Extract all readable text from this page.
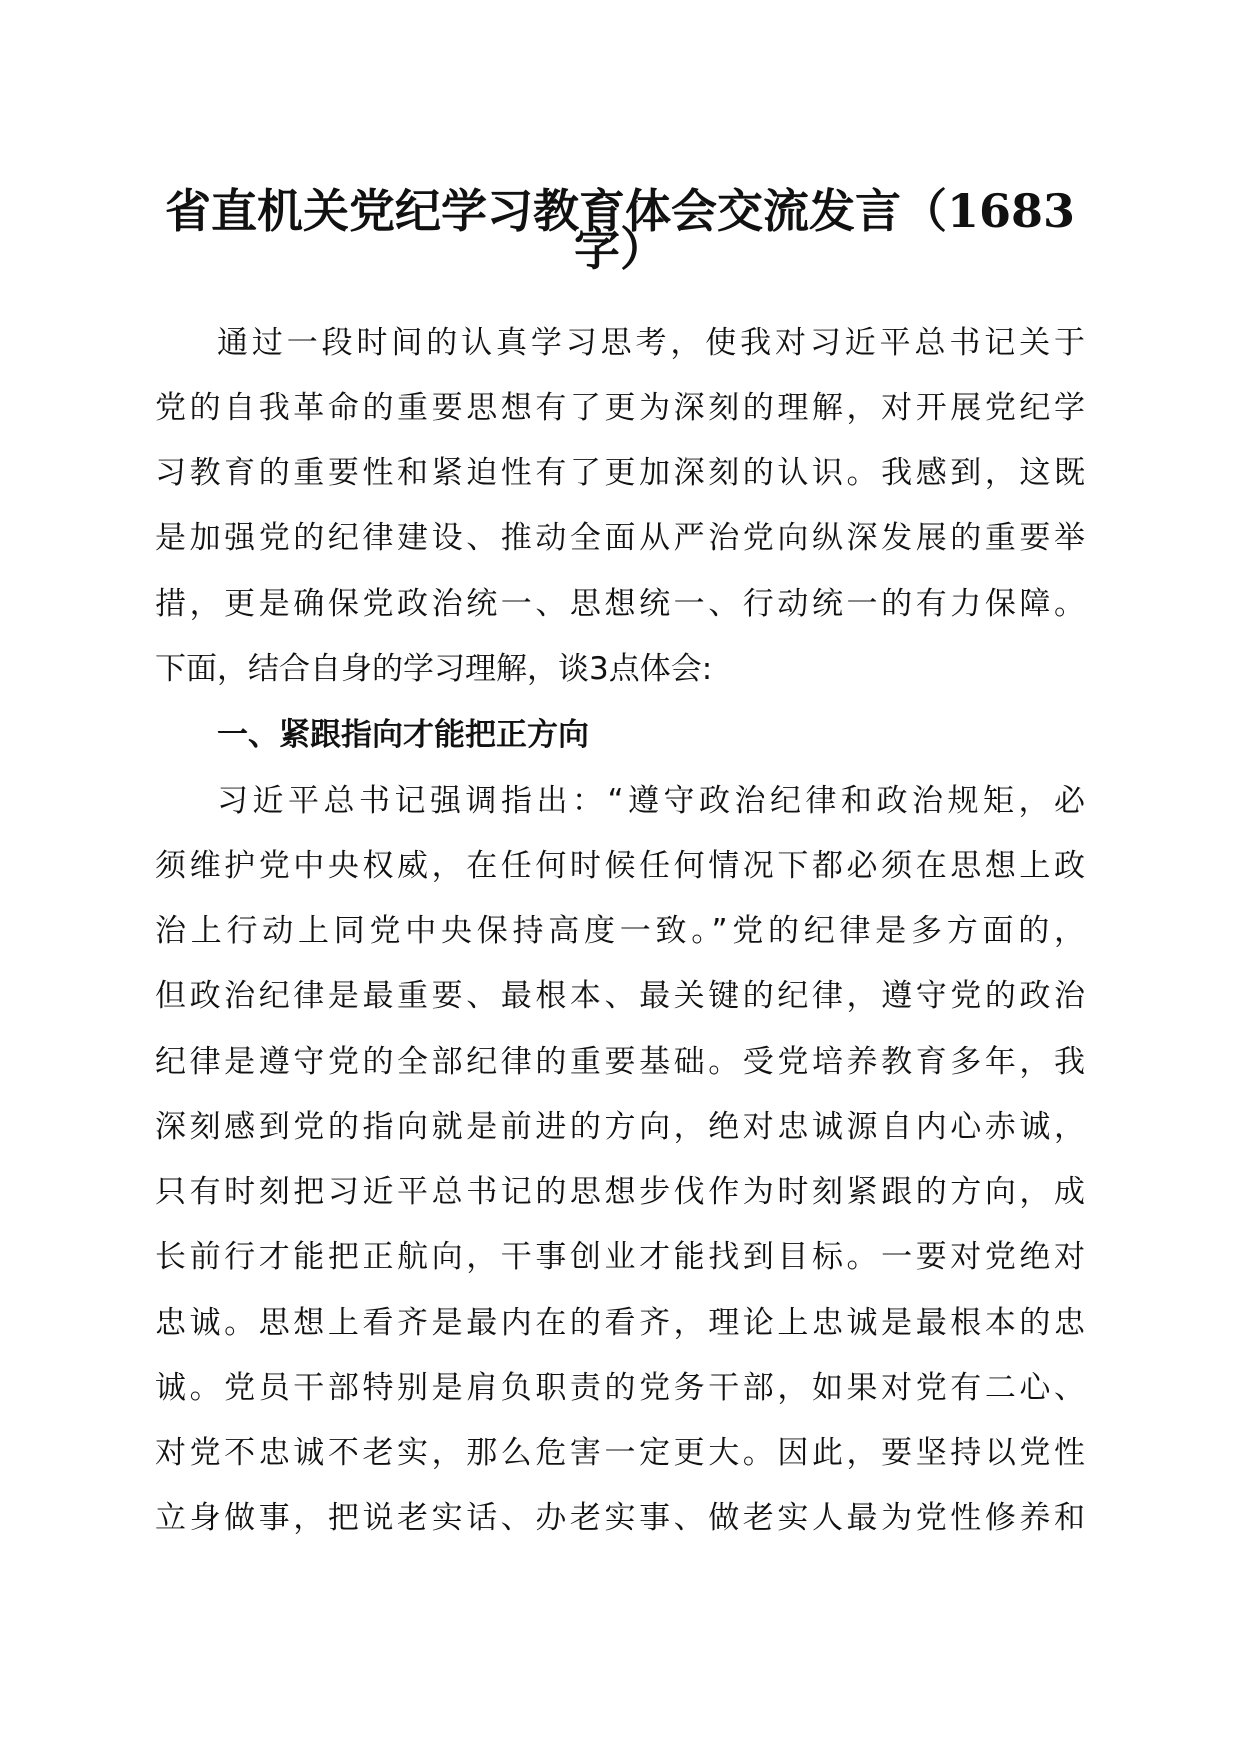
省直机关党纪学习教育体会交流发言（1683
字）
通过一段时间的认真学习思考，使我对习近平总书记关于
党的自我革命的重要思想有了更为深刻的理解，对开展党纪学
习教育的重要性和紧迫性有了更加深刻的认识。我感到，这既
是加强党的纪律建设、推动全面从严治党向纵深发展的重要举
措，更是确保党政治统一、思想统一、行动统一的有力保障。
下面，结合自身的学习理解，谈3点体会:
一、紧跟指向才能把正方向
习近平总书记强调指出：“遵守政治纪律和政治规矩，必
须维护党中央权威，在任何时候任何情况下都必须在思想上政
治上行动上同党中央保持高度一致。”党的纪律是多方面的，
但政治纪律是最重要、最根本、最关键的纪律，遵守党的政治
纪律是遵守党的全部纪律的重要基础。受党培养教育多年，我
深刻感到党的指向就是前进的方向，绝对忠诚源自内心赤诚，
只有时刻把习近平总书记的思想步伐作为时刻紧跟的方向，成
长前行才能把正航向，干事创业才能找到目标。一要对党绝对
忠诚。思想上看齐是最内在的看齐，理论上忠诚是最根本的忠
诚。党员干部特别是肩负职责的党务干部，如果对党有二心、
对党不忠诚不老实，那么危害一定更大。因此，要坚持以党性
立身做事，把说老实话、办老实事、做老实人最为党性修养和
